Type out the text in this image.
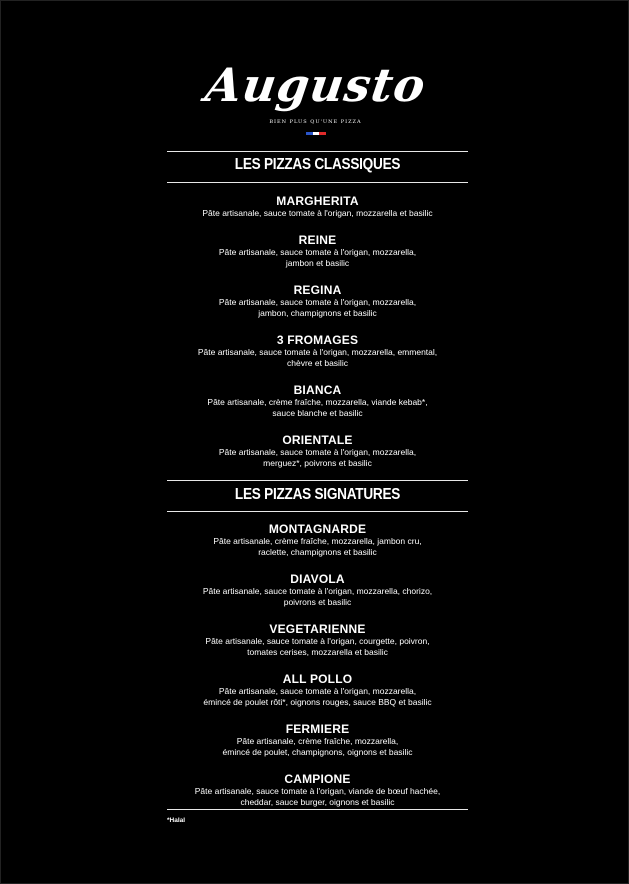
Augusto
BIEN PLUS QU'UNE PIZZA
LES PIZZAS CLASSIQUES
MARGHERITA
Pâte artisanale, sauce tomate à l'origan, mozzarella et basilic
REINE
Pâte artisanale, sauce tomate à l'origan, mozzarella,
jambon et basilic
REGINA
Pâte artisanale, sauce tomate à l'origan, mozzarella,
jambon, champignons et basilic
3 FROMAGES
Pâte artisanale, sauce tomate à l'origan, mozzarella, emmental,
chèvre et basilic
BIANCA
Pâte artisanale, crème fraîche, mozzarella, viande kebab*,
sauce blanche et basilic
ORIENTALE
Pâte artisanale, sauce tomate à l'origan, mozzarella,
merguez*, poivrons et basilic
LES PIZZAS SIGNATURES
MONTAGNARDE
Pâte artisanale, crème fraîche, mozzarella, jambon cru,
raclette, champignons et basilic
DIAVOLA
Pâte artisanale, sauce tomate à l'origan, mozzarella, chorizo,
poivrons et basilic
VEGETARIENNE
Pâte artisanale, sauce tomate à l'origan, courgette, poivron,
tomates cerises, mozzarella et basilic
ALL POLLO
Pâte artisanale, sauce tomate à l'origan, mozzarella,
émincé de poulet rôti*, oignons rouges, sauce BBQ et basilic
FERMIERE
Pâte artisanale, crème fraîche, mozzarella,
émincé de poulet, champignons, oignons et basilic
CAMPIONE
Pâte artisanale, sauce tomate à l'origan, viande de bœuf hachée,
cheddar, sauce burger, oignons et basilic
*Halal
